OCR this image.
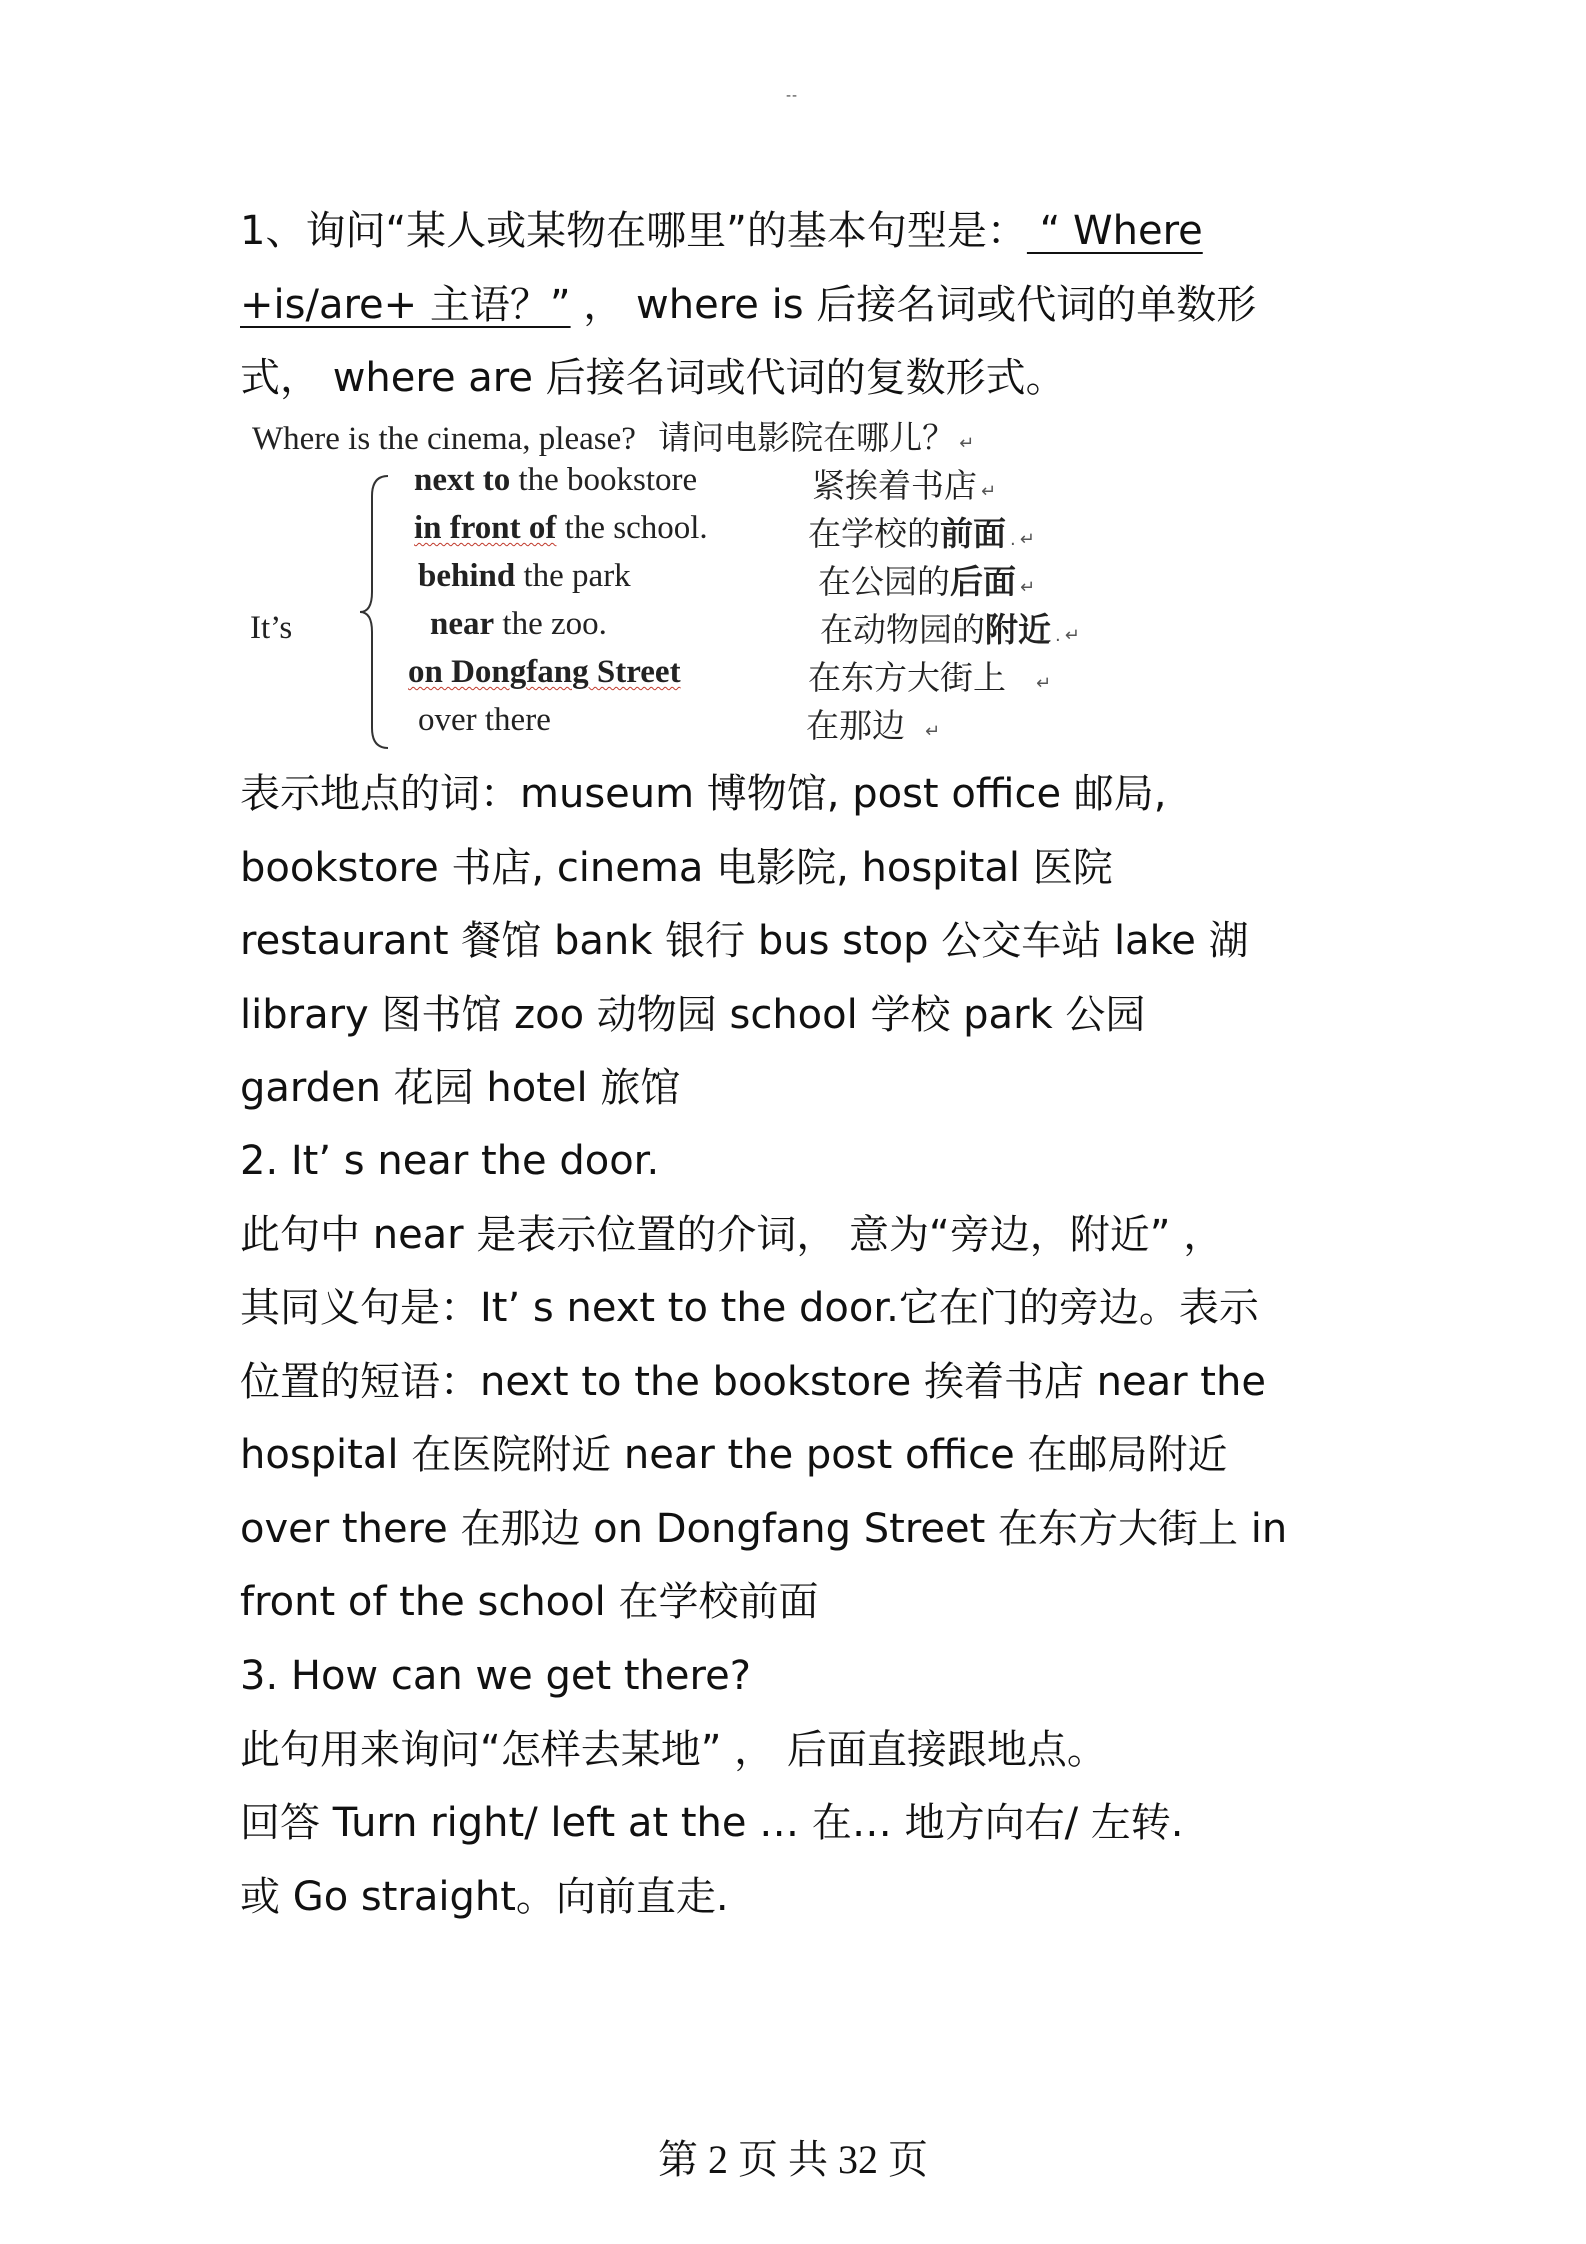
--
1、询问“某人或某物在哪里”的基本句型是： “ Where
+is/are+ 主语？” ， where is 后接名词或代词的单数形
式， where are 后接名词或代词的复数形式。
Where is the cinema, please? 请问电影院在哪儿？ ↵
It’s
next to the bookstore	紧挨着书店 ↵
in front of the school.	在学校的前面 . ↵
behind the park	在公园的后面 ↵
near the zoo.	在动物园的附近 . ↵
on Dongfang Street	在东方大街上 ↵
over there	在那边 ↵
表示地点的词：museum 博物馆, post office 邮局,
bookstore 书店, cinema 电影院, hospital 医院
restaurant 餐馆 bank 银行 bus stop 公交车站 lake 湖
library 图书馆 zoo 动物园 school 学校 park 公园
garden 花园 hotel 旅馆
2. It’ s near the door.
此句中 near 是表示位置的介词， 意为“旁边，附近” ，
其同义句是：It’ s next to the door.它在门的旁边。表示
位置的短语：next to the bookstore 挨着书店 near the
hospital 在医院附近 near the post office 在邮局附近
over there 在那边 on Dongfang Street 在东方大街上 in
front of the school 在学校前面
3. How can we get there?
此句用来询问“怎样去某地” ， 后面直接跟地点。
回答 Turn right/ left at the … 在… 地方向右/ 左转.
或 Go straight。向前直走.
第 2 页 共 32 页
